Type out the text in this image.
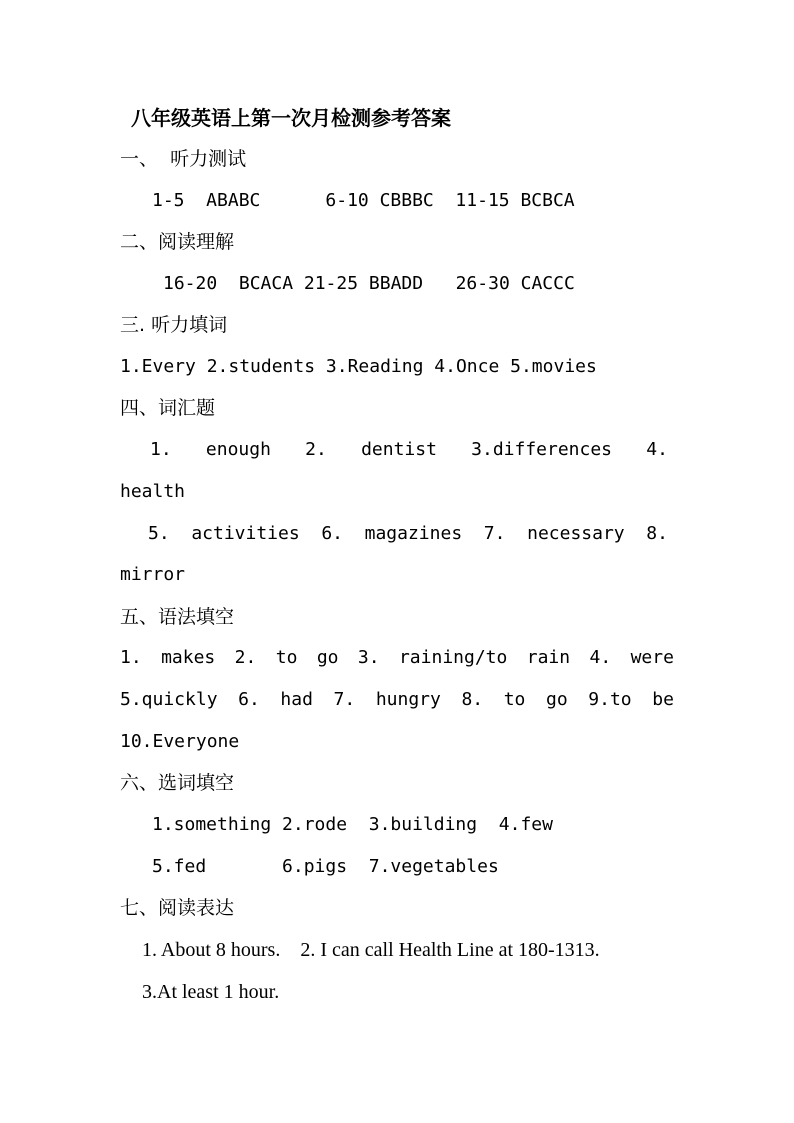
八年级英语上第一次月检测参考答案
一、  听力测试
1-5  ABABC      6-10 CBBBC  11-15 BCBCA
二、阅读理解
16-20  BCACA 21-25 BBADD   26-30 CACCC
三. 听力填词
1.Every 2.students 3.Reading 4.Once 5.movies
四、词汇题
1. enough 2. dentist 3.differences 4.
health
5. activities 6. magazines 7. necessary 8.
mirror
五、语法填空
1. makes 2. to go 3. raining/to rain 4. were
5.quickly 6. had 7. hungry 8. to go 9.to be
10.Everyone
六、选词填空
1.something 2.rode  3.building  4.few
5.fed       6.pigs  7.vegetables
七、阅读表达
1. About 8 hours.    2. I can call Health Line at 180-1313.
3.At least 1 hour.
